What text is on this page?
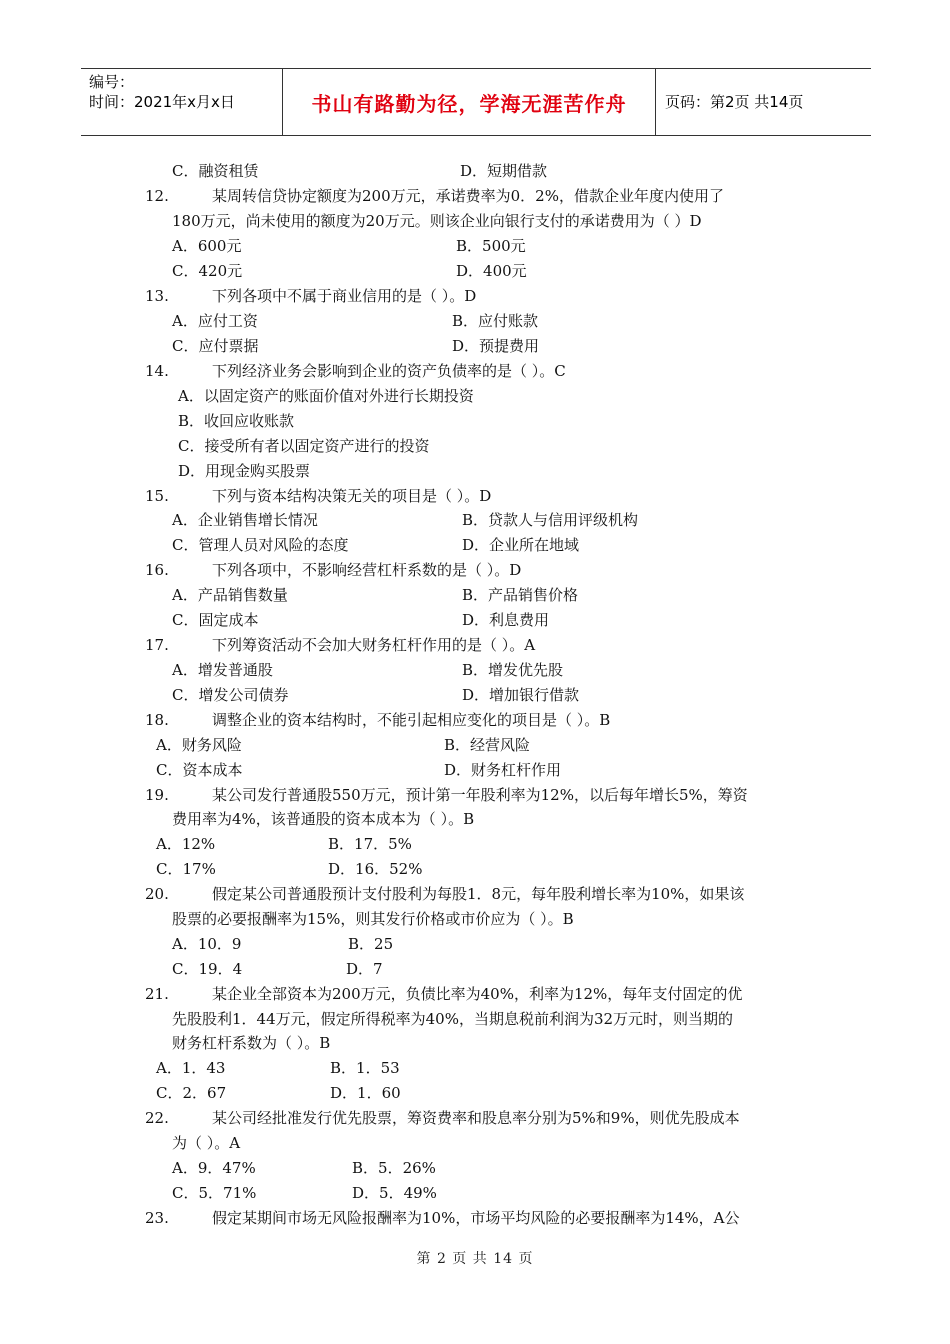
编号：
时间：2021年x月x日	书山有路勤为径，学海无涯苦作舟	页码：第2页 共14页
C．融资租赁	D．短期借款
12.	某周转信贷协定额度为200万元，承诺费率为0．2%，借款企业年度内使用了
180万元，尚未使用的额度为20万元。则该企业向银行支付的承诺费用为（ ）D
A．600元	B．500元
C．420元	D．400元
13.	下列各项中不属于商业信用的是（ ）。D
A．应付工资	B．应付账款
C．应付票据	D．预提费用
14.	下列经济业务会影响到企业的资产负债率的是（ ）。C
A．以固定资产的账面价值对外进行长期投资
B．收回应收账款
C．接受所有者以固定资产进行的投资
D．用现金购买股票
15.	下列与资本结构决策无关的项目是（ ）。D
A．企业销售增长情况	B．贷款人与信用评级机构
C．管理人员对风险的态度	D．企业所在地域
16.	下列各项中，不影响经营杠杆系数的是（ ）。D
A．产品销售数量	B．产品销售价格
C．固定成本	D．利息费用
17.	下列筹资活动不会加大财务杠杆作用的是（ ）。A
A．增发普通股	B．增发优先股
C．增发公司债券	D．增加银行借款
18.	调整企业的资本结构时，不能引起相应变化的项目是（ ）。B
A．财务风险	B．经营风险
C．资本成本	D．财务杠杆作用
19.	某公司发行普通股550万元，预计第一年股利率为12%，以后每年增长5%，筹资
费用率为4%，该普通股的资本成本为（ ）。B
A．12%	B．17．5%
C．17%	D．16．52%
20.	假定某公司普通股预计支付股利为每股1．8元，每年股利增长率为10%，如果该
股票的必要报酬率为15%，则其发行价格或市价应为（ ）。B
A．10．9	B．25
C．19．4	D．7
21.	某企业全部资本为200万元，负债比率为40%，利率为12%，每年支付固定的优
先股股利1．44万元，假定所得税率为40%，当期息税前利润为32万元时，则当期的
财务杠杆系数为（ ）。B
A．1．43	B．1．53
C．2．67	D．1．60
22.	某公司经批准发行优先股票，筹资费率和股息率分别为5%和9%，则优先股成本
为（ ）。A
A．9．47%	B．5．26%
C．5．71%	D．5．49%
23.	假定某期间市场无风险报酬率为10%，市场平均风险的必要报酬率为14%，A公
第 2 页 共 14 页
